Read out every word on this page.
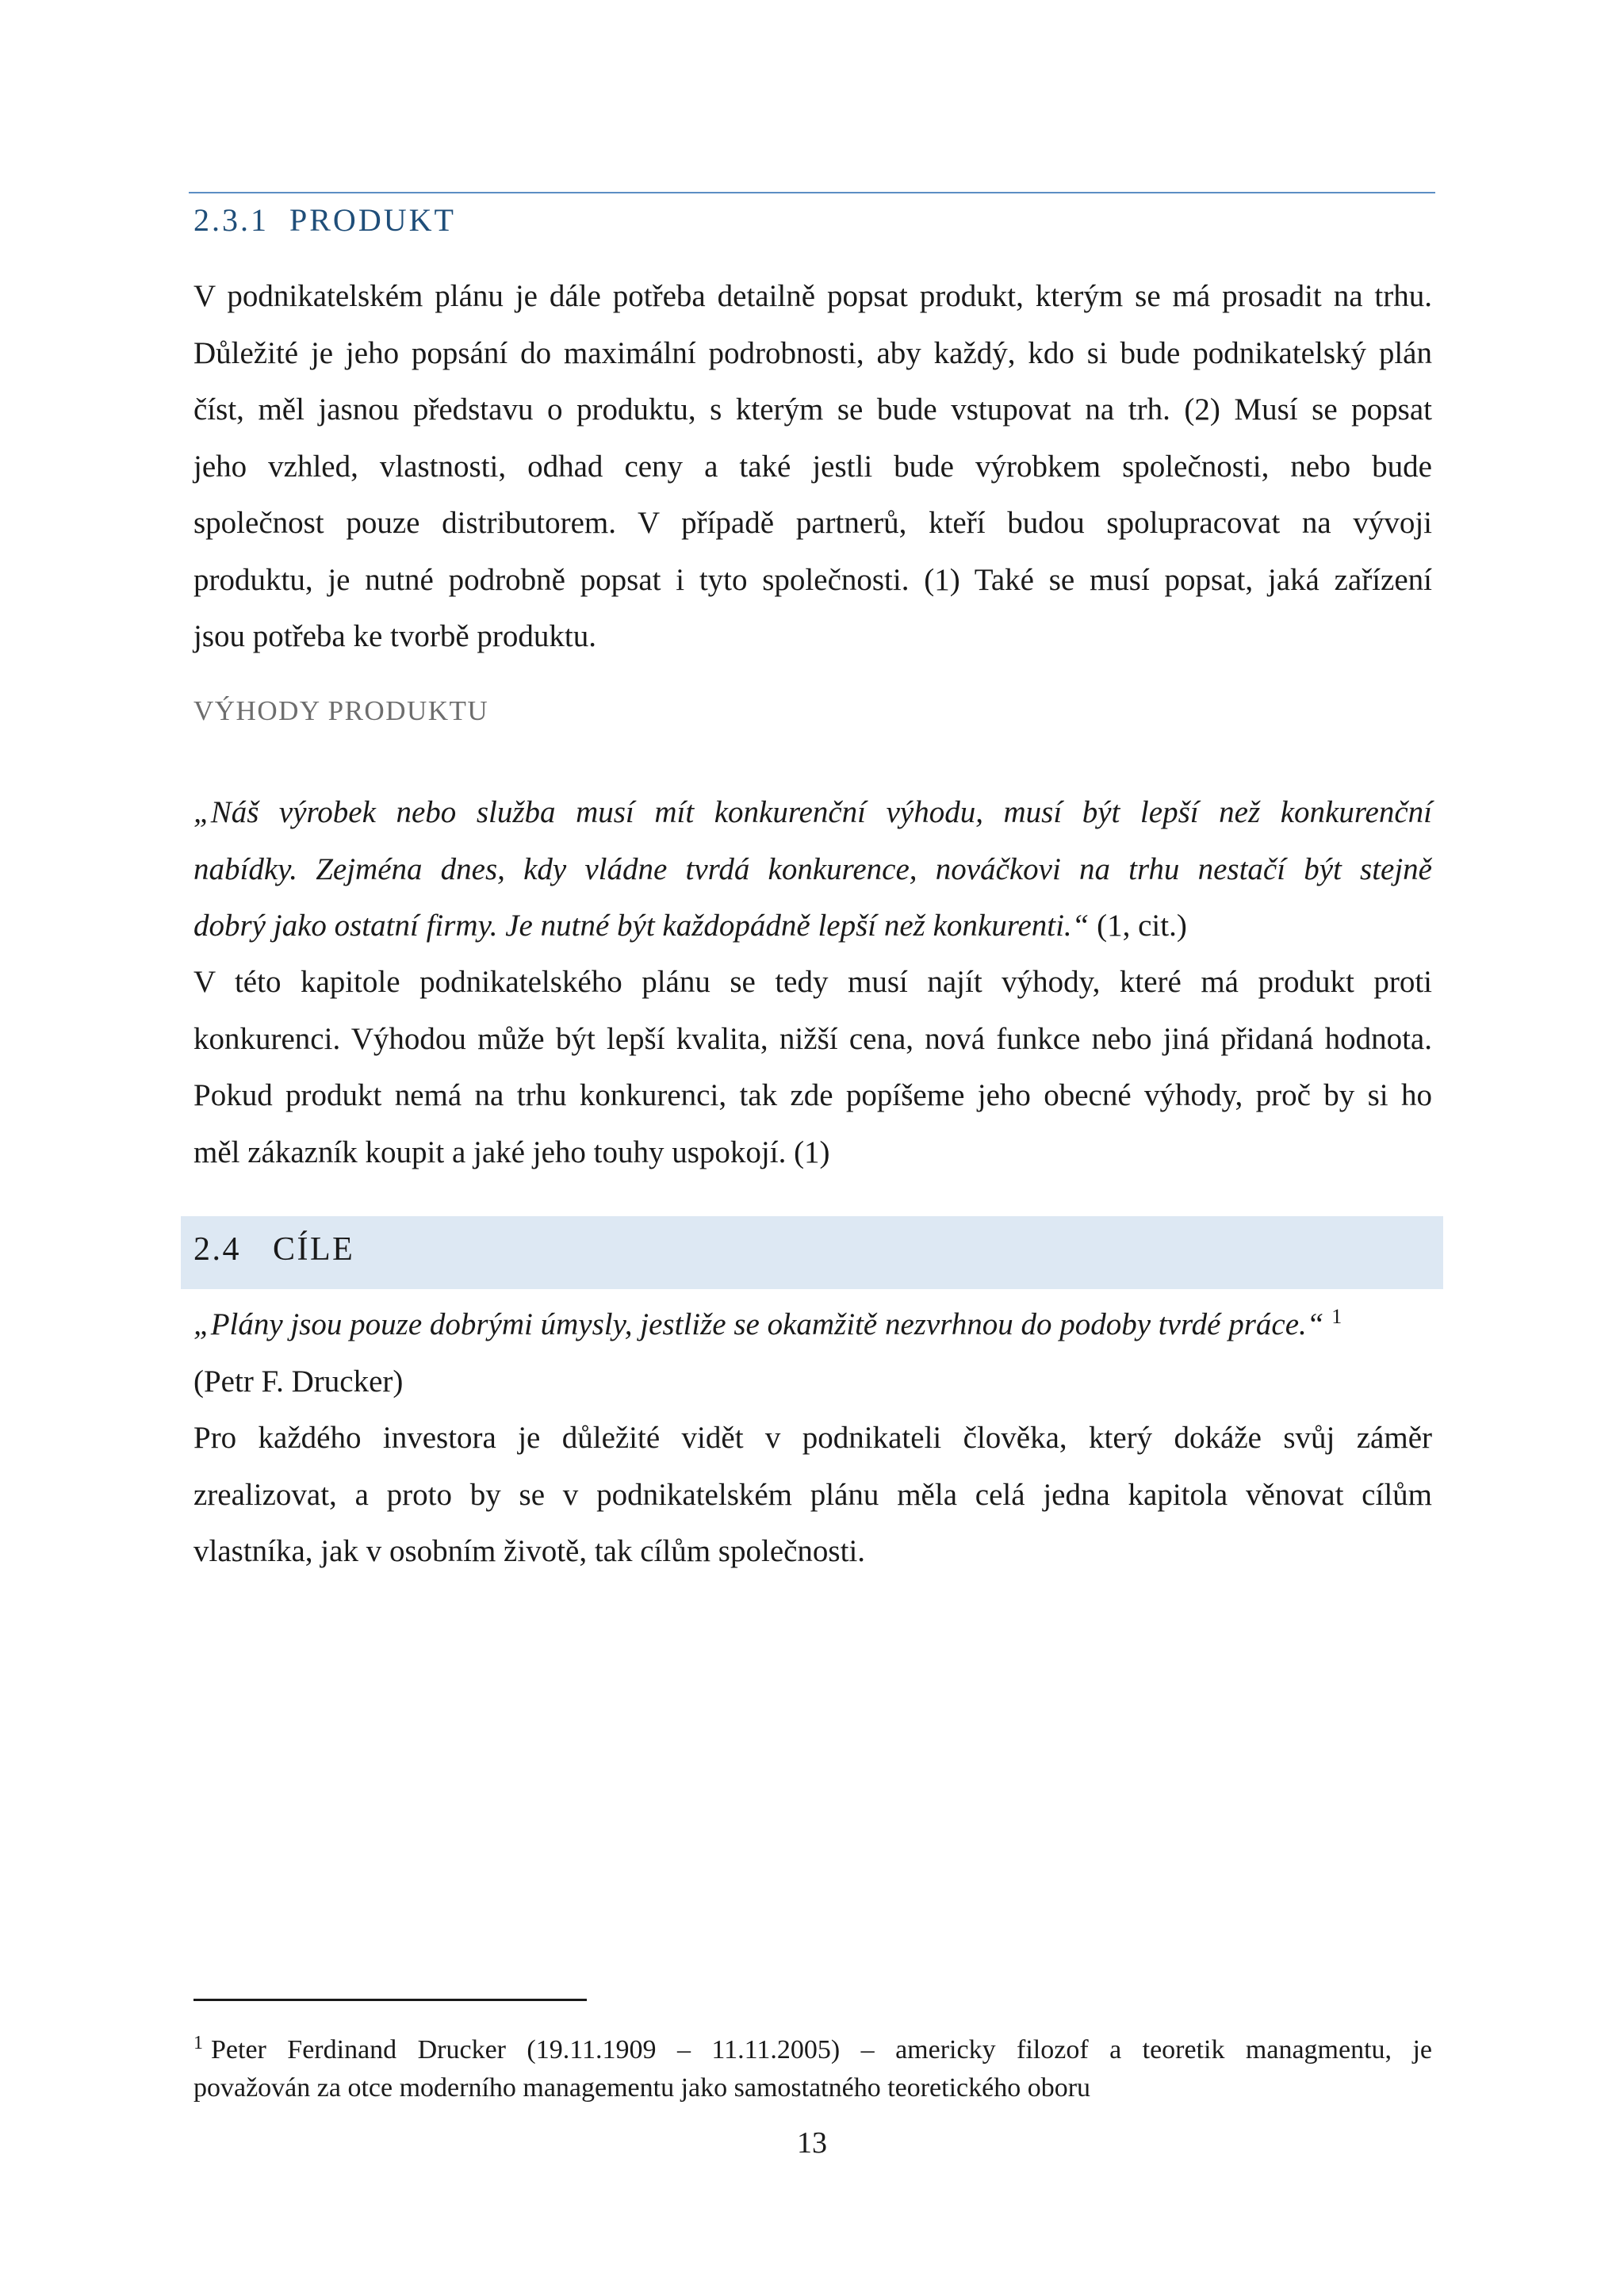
2.3.1 PRODUKT

V podnikatelském plánu je dále potřeba detailně popsat produkt, kterým se má prosadit na trhu.
Důležité je jeho popsání do maximální podrobnosti, aby každý, kdo si bude podnikatelský plán
číst, měl jasnou představu o produktu, s kterým se bude vstupovat na trh. (2) Musí se popsat
jeho vzhled, vlastnosti, odhad ceny a také jestli bude výrobkem společnosti, nebo bude
společnost pouze distributorem. V případě partnerů, kteří budou spolupracovat na vývoji
produktu, je nutné podrobně popsat i tyto společnosti. (1) Také se musí popsat, jaká zařízení
jsou potřeba ke tvorbě produktu.

VÝHODY PRODUKTU

„Náš výrobek nebo služba musí mít konkurenční výhodu, musí být lepší než konkurenční
nabídky. Zejména dnes, kdy vládne tvrdá konkurence, nováčkovi na trhu nestačí být stejně
dobrý jako ostatní firmy. Je nutné být každopádně lepší než konkurenti.“ (1, cit.)

V této kapitole podnikatelského plánu se tedy musí najít výhody, které má produkt proti
konkurenci. Výhodou může být lepší kvalita, nižší cena, nová funkce nebo jiná přidaná hodnota.
Pokud produkt nemá na trhu konkurenci, tak zde popíšeme jeho obecné výhody, proč by si ho
měl zákazník koupit a jaké jeho touhy uspokojí. (1)

2.4 CÍLE

„Plány jsou pouze dobrými úmysly, jestliže se okamžitě nezvrhnou do podoby tvrdé práce.“ $^1$
(Petr F. Drucker)

Pro každého investora je důležité vidět v podnikateli člověka, který dokáže svůj záměr
zrealizovat, a proto by se v podnikatelském plánu měla celá jedna kapitola věnovat cílům
vlastníka, jak v osobním životě, tak cílům společnosti.

$^1$ Peter Ferdinand Drucker (19.11.1909 – 11.11.2005) – americky filozof a teoretik managmentu, je
považován za otce moderního managementu jako samostatného teoretického oboru

13
